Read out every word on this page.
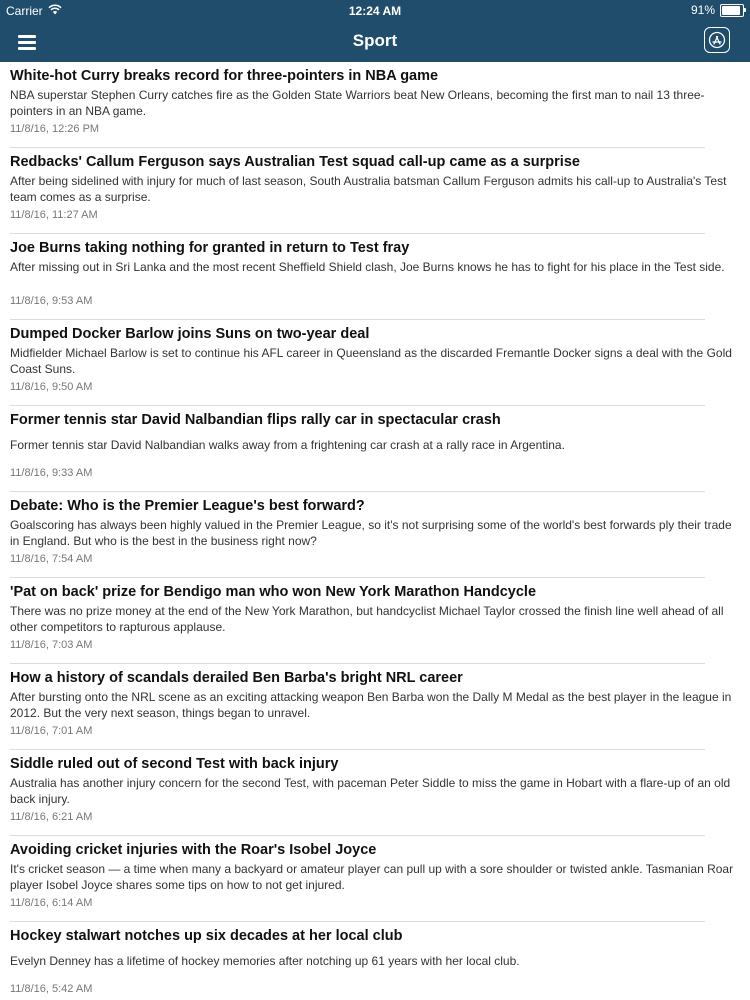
Carrier	12:24 AM	91%
Sport
White-hot Curry breaks record for three-pointers in NBA game
NBA superstar Stephen Curry catches fire as the Golden State Warriors beat New Orleans, becoming the first man to nail 13 three-pointers in an NBA game.
11/8/16, 12:26 PM
Redbacks' Callum Ferguson says Australian Test squad call-up came as a surprise
After being sidelined with injury for much of last season, South Australia batsman Callum Ferguson admits his call-up to Australia's Test team comes as a surprise.
11/8/16, 11:27 AM
Joe Burns taking nothing for granted in return to Test fray
After missing out in Sri Lanka and the most recent Sheffield Shield clash, Joe Burns knows he has to fight for his place in the Test side.
11/8/16, 9:53 AM
Dumped Docker Barlow joins Suns on two-year deal
Midfielder Michael Barlow is set to continue his AFL career in Queensland as the discarded Fremantle Docker signs a deal with the Gold Coast Suns.
11/8/16, 9:50 AM
Former tennis star David Nalbandian flips rally car in spectacular crash
Former tennis star David Nalbandian walks away from a frightening car crash at a rally race in Argentina.
11/8/16, 9:33 AM
Debate: Who is the Premier League's best forward?
Goalscoring has always been highly valued in the Premier League, so it's not surprising some of the world's best forwards ply their trade in England. But who is the best in the business right now?
11/8/16, 7:54 AM
'Pat on back' prize for Bendigo man who won New York Marathon Handcycle
There was no prize money at the end of the New York Marathon, but handcyclist Michael Taylor crossed the finish line well ahead of all other competitors to rapturous applause.
11/8/16, 7:03 AM
How a history of scandals derailed Ben Barba's bright NRL career
After bursting onto the NRL scene as an exciting attacking weapon Ben Barba won the Dally M Medal as the best player in the league in 2012. But the very next season, things began to unravel.
11/8/16, 7:01 AM
Siddle ruled out of second Test with back injury
Australia has another injury concern for the second Test, with paceman Peter Siddle to miss the game in Hobart with a flare-up of an old back injury.
11/8/16, 6:21 AM
Avoiding cricket injuries with the Roar's Isobel Joyce
It's cricket season — a time when many a backyard or amateur player can pull up with a sore shoulder or twisted ankle. Tasmanian Roar player Isobel Joyce shares some tips on how to not get injured.
11/8/16, 6:14 AM
Hockey stalwart notches up six decades at her local club
Evelyn Denney has a lifetime of hockey memories after notching up 61 years with her local club.
11/8/16, 5:42 AM
